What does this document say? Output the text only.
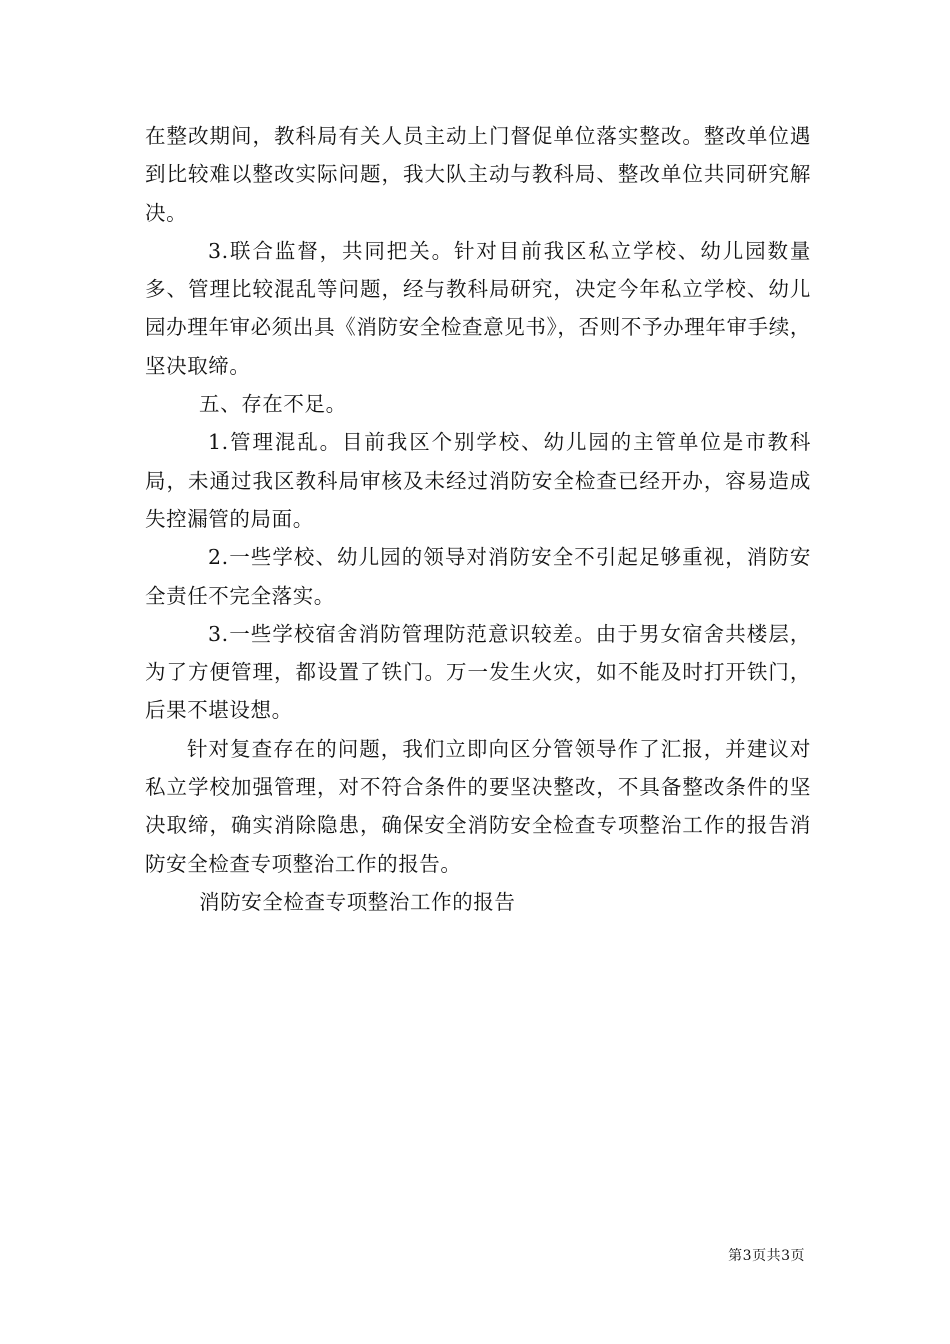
在整改期间，教科局有关人员主动上门督促单位落实整改。整改单位遇到比较难以整改实际问题，我大队主动与教科局、整改单位共同研究解决。

3.联合监督，共同把关。针对目前我区私立学校、幼儿园数量多、管理比较混乱等问题，经与教科局研究，决定今年私立学校、幼儿园办理年审必须出具《消防安全检查意见书》，否则不予办理年审手续，坚决取缔。

五、存在不足。

1.管理混乱。目前我区个别学校、幼儿园的主管单位是市教科局，未通过我区教科局审核及未经过消防安全检查已经开办，容易造成失控漏管的局面。

2.一些学校、幼儿园的领导对消防安全不引起足够重视，消防安全责任不完全落实。

3.一些学校宿舍消防管理防范意识较差。由于男女宿舍共楼层，为了方便管理，都设置了铁门。万一发生火灾，如不能及时打开铁门，后果不堪设想。

针对复查存在的问题，我们立即向区分管领导作了汇报，并建议对私立学校加强管理，对不符合条件的要坚决整改，不具备整改条件的坚决取缔，确实消除隐患，确保安全消防安全检查专项整治工作的报告消防安全检查专项整治工作的报告。

消防安全检查专项整治工作的报告

第3页共3页
